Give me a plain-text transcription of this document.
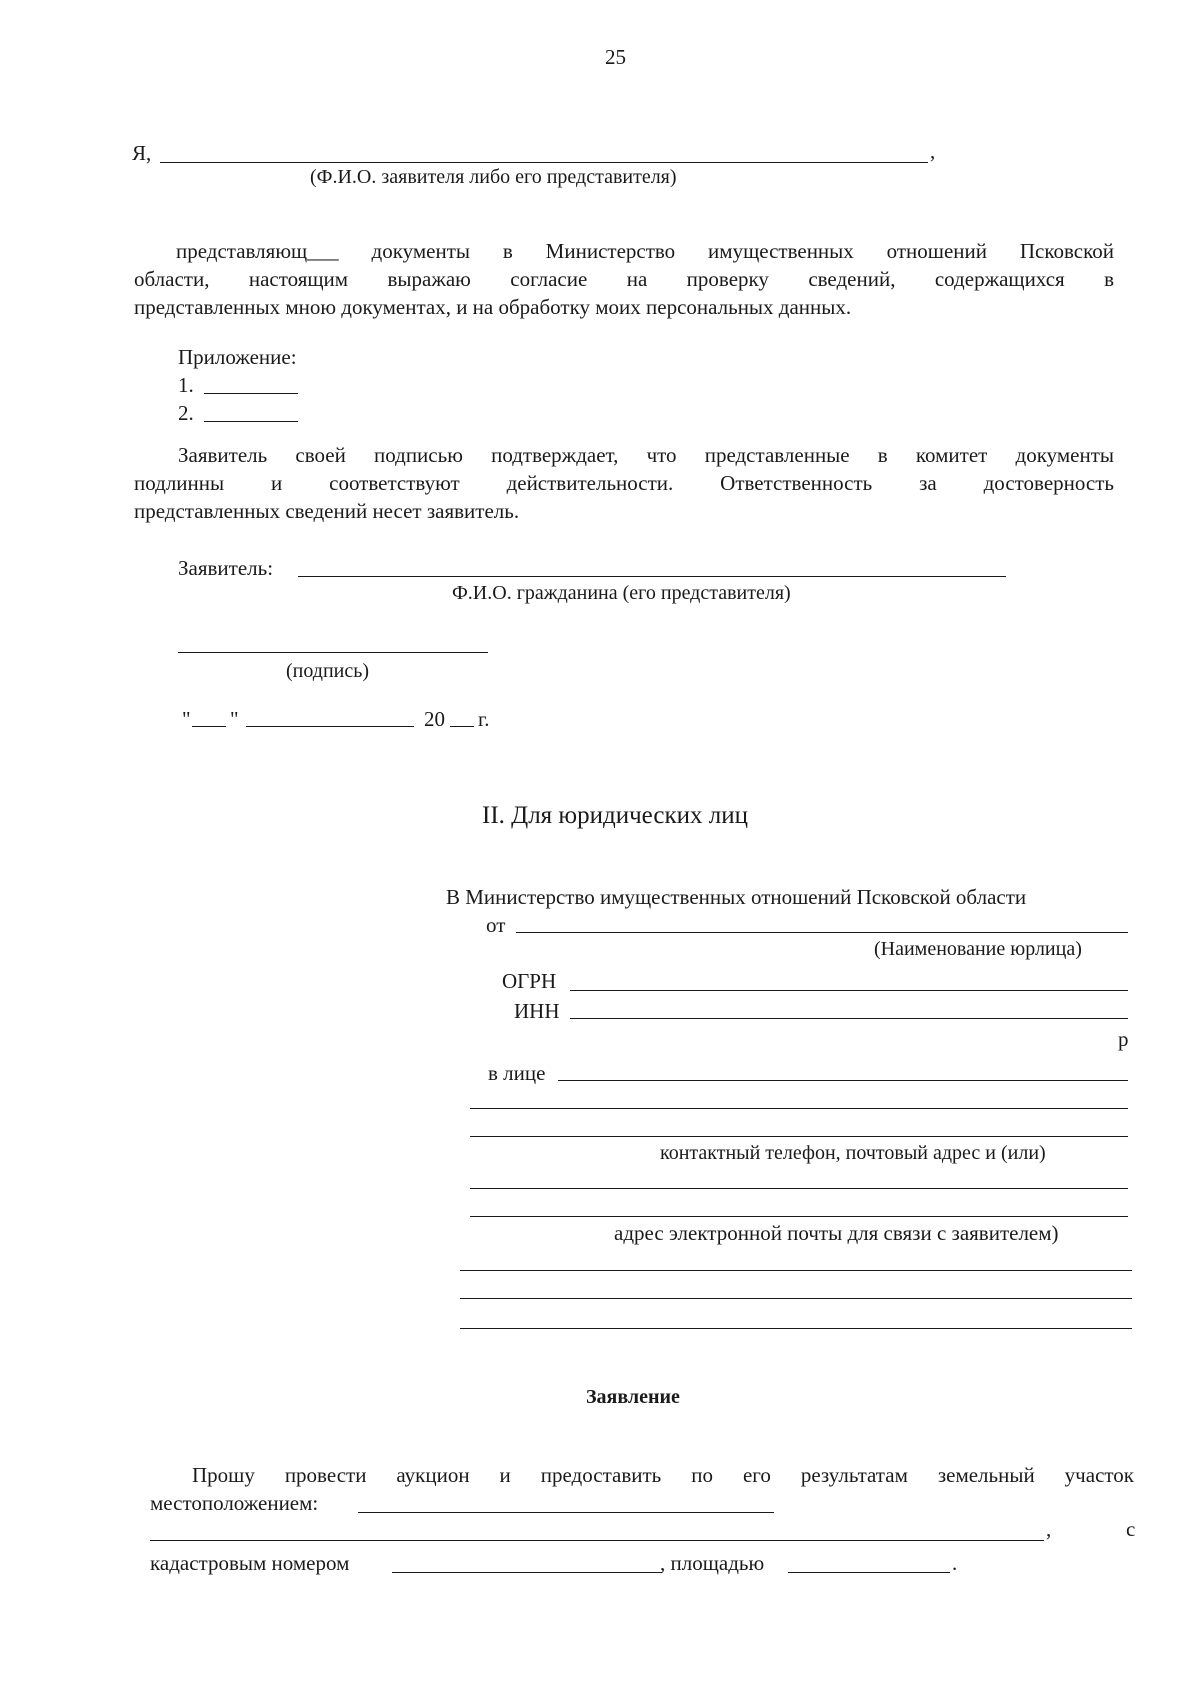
25
Я,	,
(Ф.И.О. заявителя либо его представителя)
представляющ___ документы в Министерство имущественных отношений Псковской
области, настоящим выражаю согласие на проверку сведений, содержащихся в
представленных мною документах, и на обработку моих персональных данных.
Приложение:
1.
2.
Заявитель своей подписью подтверждает, что представленные в комитет документы
подлинны и соответствуют действительности. Ответственность за достоверность
представленных сведений несет заявитель.
Заявитель:
Ф.И.О. гражданина (его представителя)
(подпись)
" "	20 г.
II. Для юридических лиц
В Министерство имущественных отношений Псковской области
от
(Наименование юрлица)
ОГРН
ИНН
р
в лице
контактный телефон, почтовый адрес и (или)
адрес электронной почты для связи с заявителем)
Заявление
Прошу провести аукцион и предоставить по его результатам земельный участок
местоположением:
,	с
кадастровым номером	, площадью	.
